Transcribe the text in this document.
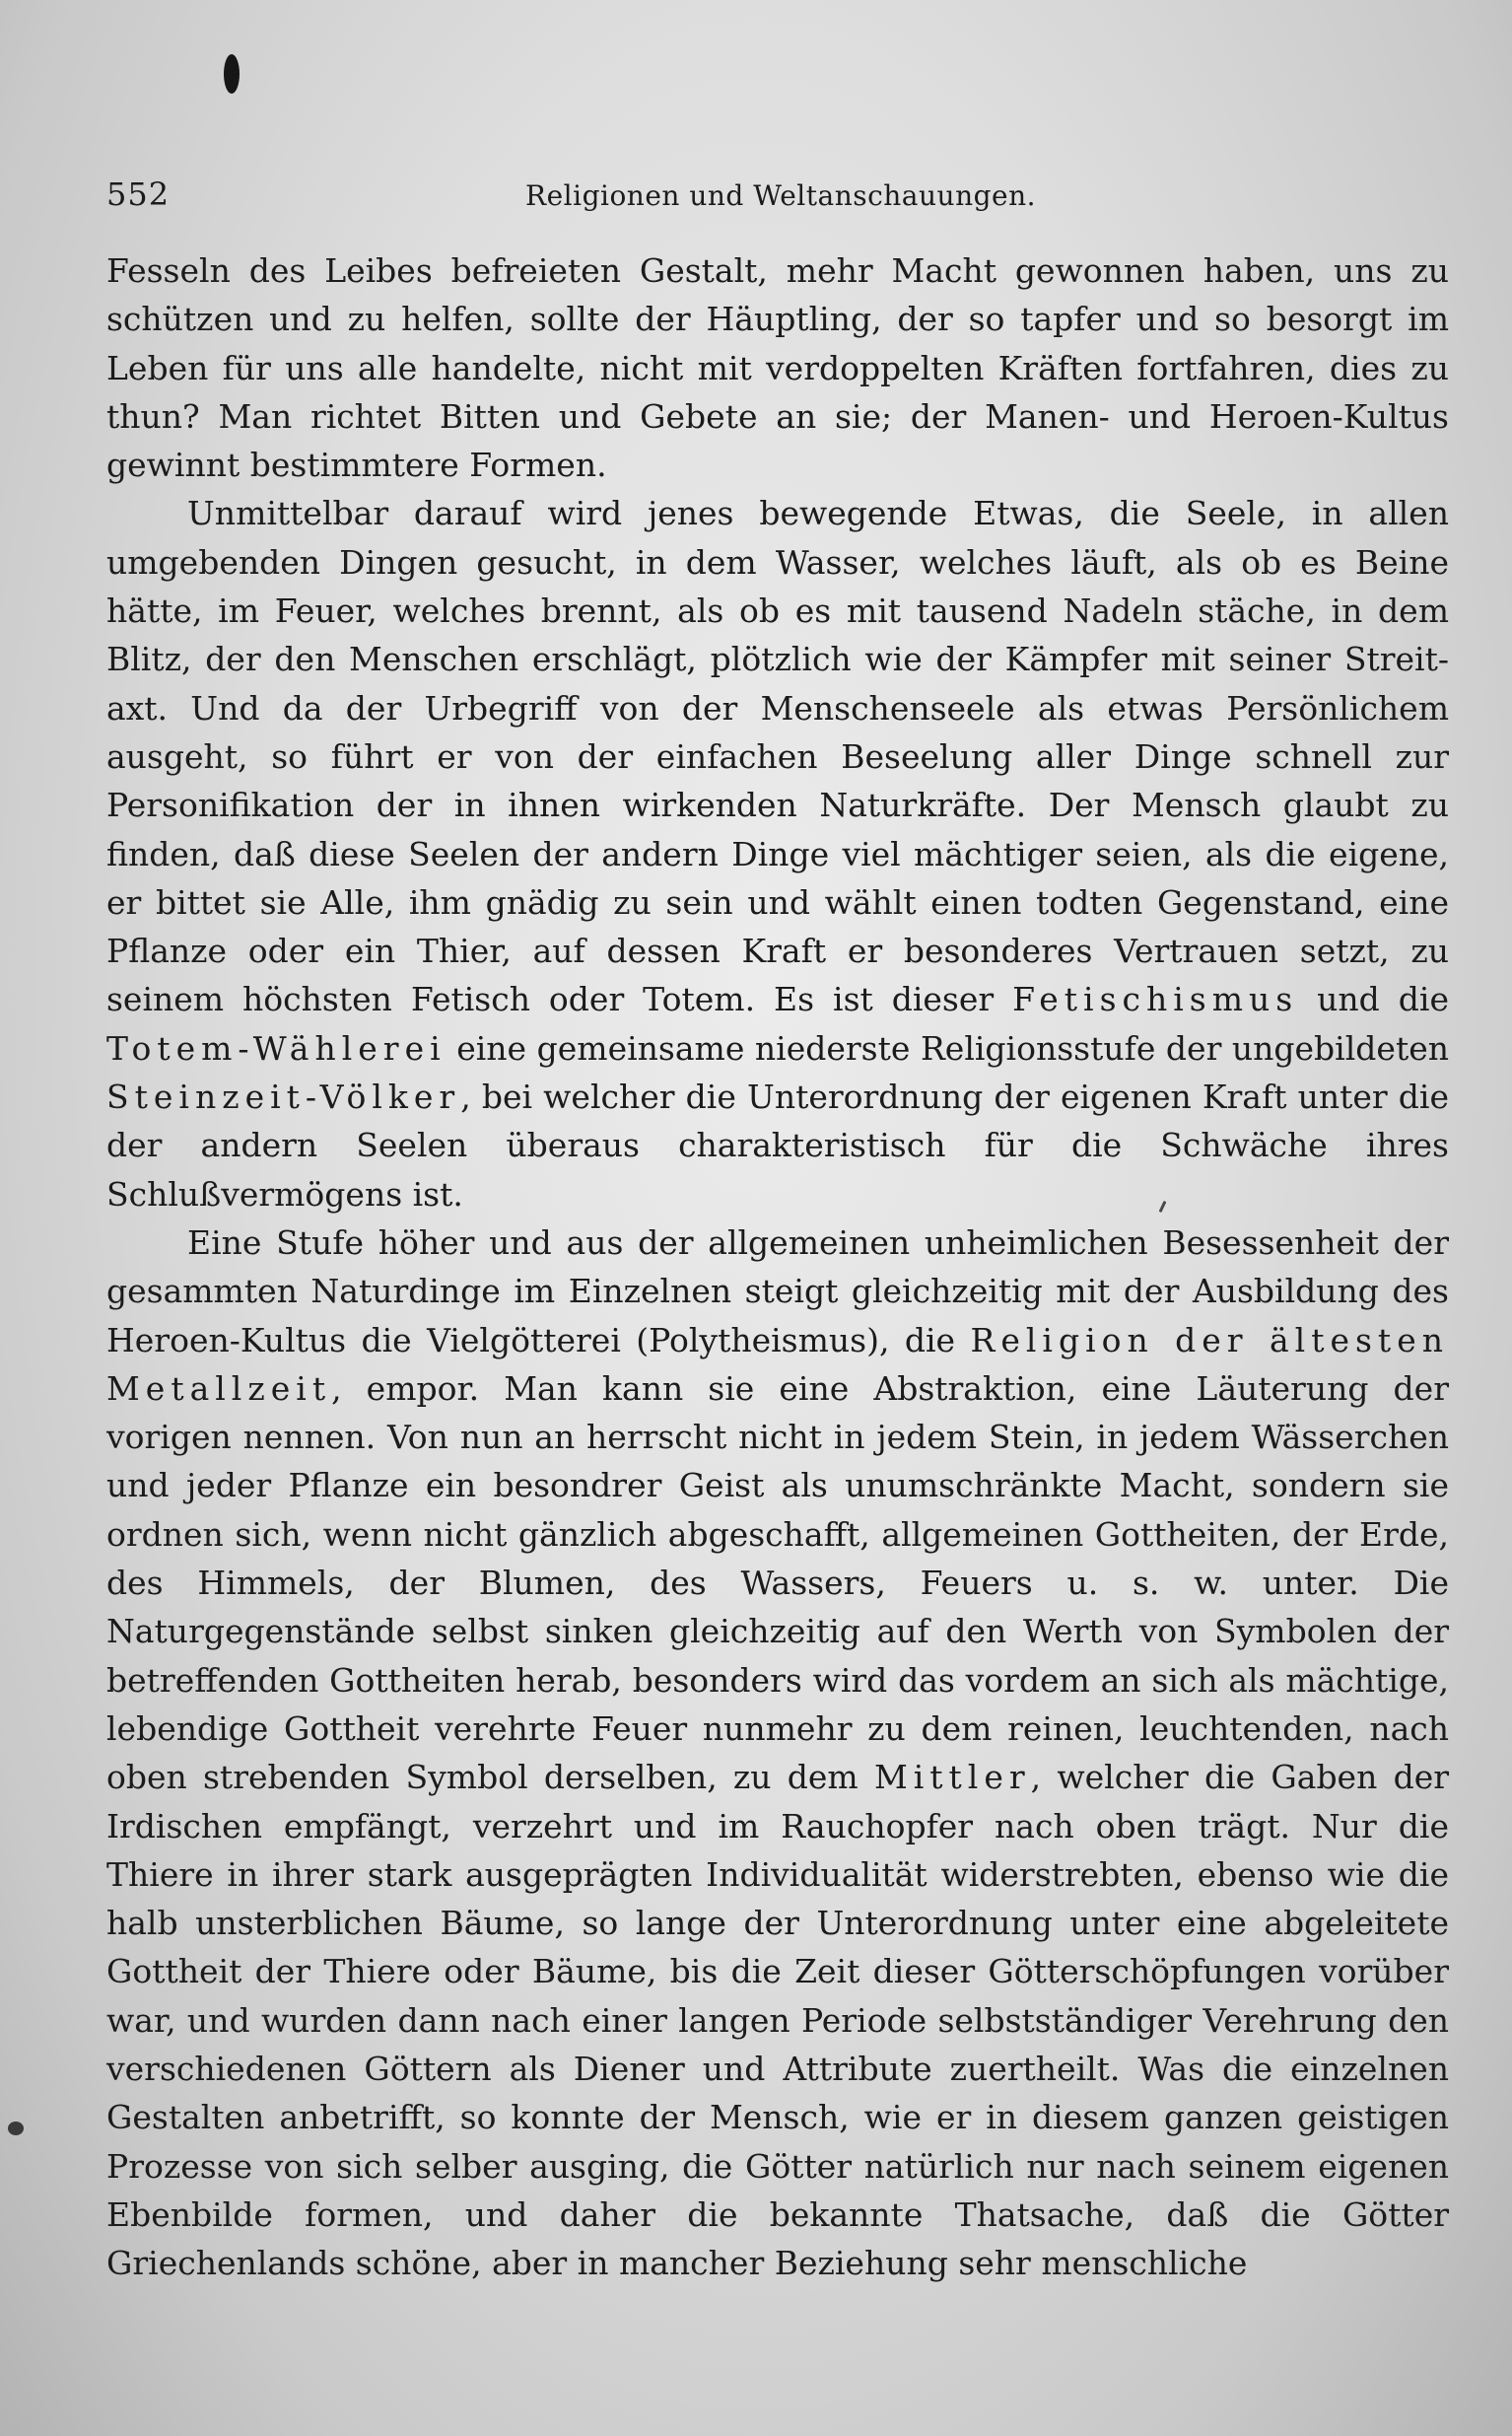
552	Religionen und Weltanschauungen.

Fesseln des Leibes befreieten Gestalt, mehr Macht gewonnen haben, uns zu schützen und zu helfen, sollte der Häuptling, der so tapfer und so besorgt im Leben für uns alle handelte, nicht mit verdoppelten Kräften fortfahren, dies zu thun? Man richtet Bitten und Gebete an sie; der Manen- und Heroen-Kultus gewinnt bestimmtere Formen.

Unmittelbar darauf wird jenes bewegende Etwas, die Seele, in allen umgebenden Dingen gesucht, in dem Wasser, welches läuft, als ob es Beine hätte, im Feuer, welches brennt, als ob es mit tausend Nadeln stäche, in dem Blitz, der den Menschen erschlägt, plötzlich wie der Kämpfer mit seiner Streit-axt. Und da der Urbegriff von der Menschenseele als etwas Persönlichem ausgeht, so führt er von der einfachen Beseelung aller Dinge schnell zur Personifikation der in ihnen wirkenden Naturkräfte. Der Mensch glaubt zu finden, daß diese Seelen der andern Dinge viel mächtiger seien, als die eigene, er bittet sie Alle, ihm gnädig zu sein und wählt einen todten Gegenstand, eine Pflanze oder ein Thier, auf dessen Kraft er besonderes Vertrauen setzt, zu seinem höchsten Fetisch oder Totem. Es ist dieser Fetischismus und die Totem-Wählerei eine gemeinsame niederste Religionsstufe der ungebildeten Steinzeit-Völker, bei welcher die Unterordnung der eigenen Kraft unter die der andern Seelen überaus charakteristisch für die Schwäche ihres Schlußvermögens ist.

Eine Stufe höher und aus der allgemeinen unheimlichen Besessenheit der gesammten Naturdinge im Einzelnen steigt gleichzeitig mit der Ausbildung des Heroen-Kultus die Vielgötterei (Polytheismus), die Religion der ältesten Metallzeit, empor. Man kann sie eine Abstraktion, eine Läuterung der vorigen nennen. Von nun an herrscht nicht in jedem Stein, in jedem Wässerchen und jeder Pflanze ein besondrer Geist als unumschränkte Macht, sondern sie ordnen sich, wenn nicht gänzlich abgeschafft, allgemeinen Gottheiten, der Erde, des Himmels, der Blumen, des Wassers, Feuers u. s. w. unter. Die Naturgegenstände selbst sinken gleichzeitig auf den Werth von Symbolen der betreffenden Gottheiten herab, besonders wird das vordem an sich als mächtige, lebendige Gottheit verehrte Feuer nunmehr zu dem reinen, leuchtenden, nach oben strebenden Symbol derselben, zu dem Mittler, welcher die Gaben der Irdischen empfängt, verzehrt und im Rauchopfer nach oben trägt. Nur die Thiere in ihrer stark ausgeprägten Individualität widerstrebten, ebenso wie die halb unsterblichen Bäume, so lange der Unterordnung unter eine abgeleitete Gottheit der Thiere oder Bäume, bis die Zeit dieser Götterschöpfungen vorüber war, und wurden dann nach einer langen Periode selbstständiger Verehrung den verschiedenen Göttern als Diener und Attribute zuertheilt. Was die einzelnen Gestalten anbetrifft, so konnte der Mensch, wie er in diesem ganzen geistigen Prozesse von sich selber ausging, die Götter natürlich nur nach seinem eigenen Ebenbilde formen, und daher die bekannte Thatsache, daß die Götter Griechenlands schöne, aber in mancher Beziehung sehr menschliche
